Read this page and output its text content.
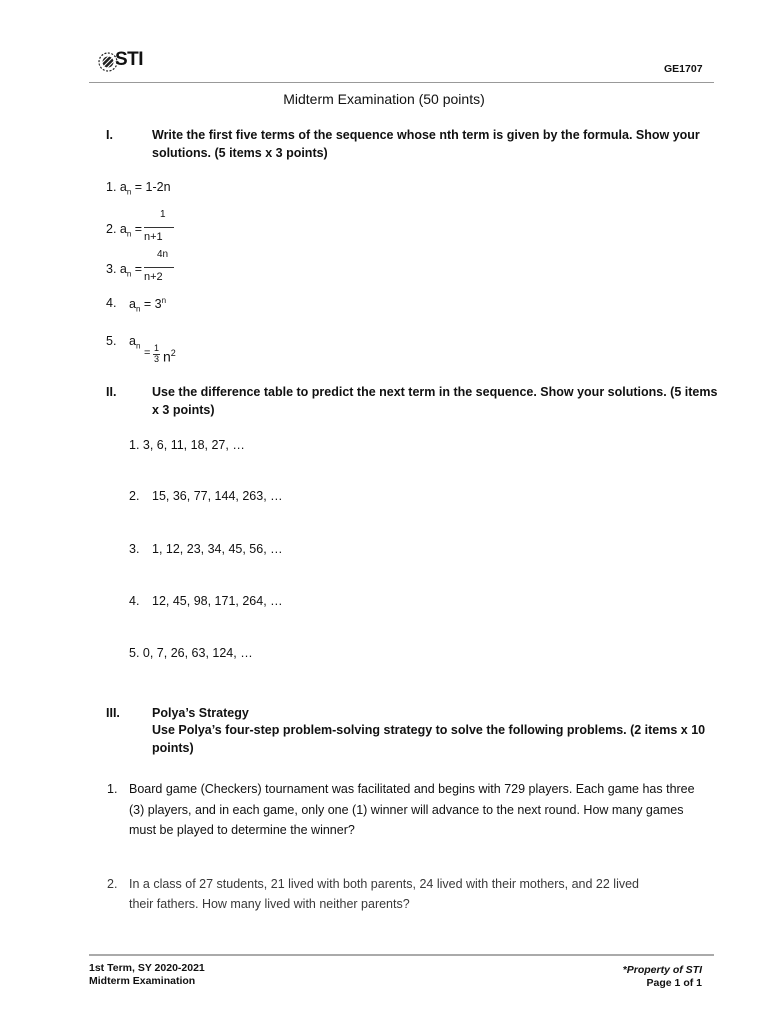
STI	GE1707
Midterm Examination (50 points)
I.	Write the first five terms of the sequence whose nth term is given by the formula. Show your
solutions. (5 items x 3 points)
1. $a_n = 1-2n$
2. $a_n$ =
1
n+1
3. $a_n$ =
4n
n+2
4. $a_n = 3^n$
5. $a_n$
= 1
3 $n^2$
II.	Use the difference table to predict the next term in the sequence. Show your solutions. (5 items
x 3 points)
1. 3, 6, 11, 18, 27, …
2. 15, 36, 77, 144, 263, …
3. 1, 12, 23, 34, 45, 56, …
4. 12, 45, 98, 171, 264, …
5. 0, 7, 26, 63, 124, …
III.	Polya’s Strategy
Use Polya’s four-step problem-solving strategy to solve the following problems. (2 items x 10
points)
1. Board game (Checkers) tournament was facilitated and begins with 729 players. Each game has three
(3) players, and in each game, only one (1) winner will advance to the next round. How many games
must be played to determine the winner?
2. In a class of 27 students, 21 lived with both parents, 24 lived with their mothers, and 22 lived
their fathers. How many lived with neither parents?
1st Term, SY 2020-2021
Midterm Examination
*Property of STI
Page 1 of 1
